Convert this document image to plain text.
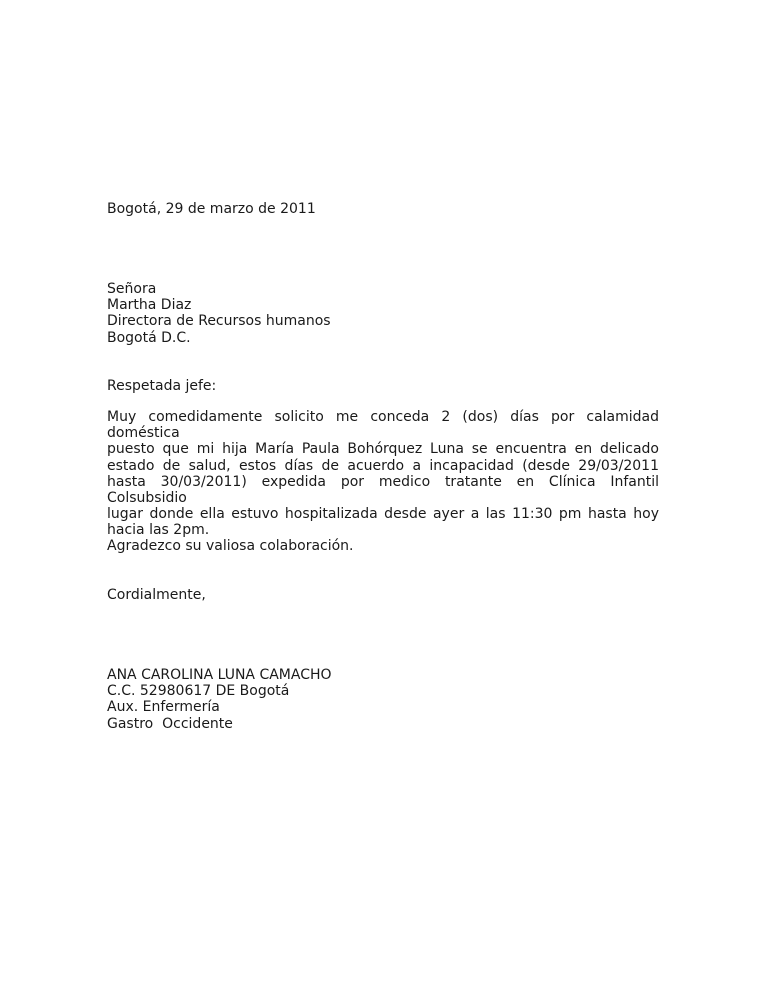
Bogotá, 29 de marzo de 2011
Señora
Martha Diaz
Directora de Recursos humanos
Bogotá D.C.
Respetada jefe:
Muy comedidamente solicito me conceda 2 (dos) días por calamidad doméstica
puesto que mi hija María Paula Bohórquez Luna se encuentra en delicado
estado de salud, estos días de acuerdo a incapacidad (desde 29/03/2011
hasta 30/03/2011) expedida por medico tratante en Clínica Infantil Colsubsidio
lugar donde ella estuvo hospitalizada desde ayer a las 11:30 pm hasta hoy
hacia las 2pm.
Agradezco su valiosa colaboración.
Cordialmente,
ANA CAROLINA LUNA CAMACHO
C.C. 52980617 DE Bogotá
Aux. Enfermería
Gastro  Occidente
